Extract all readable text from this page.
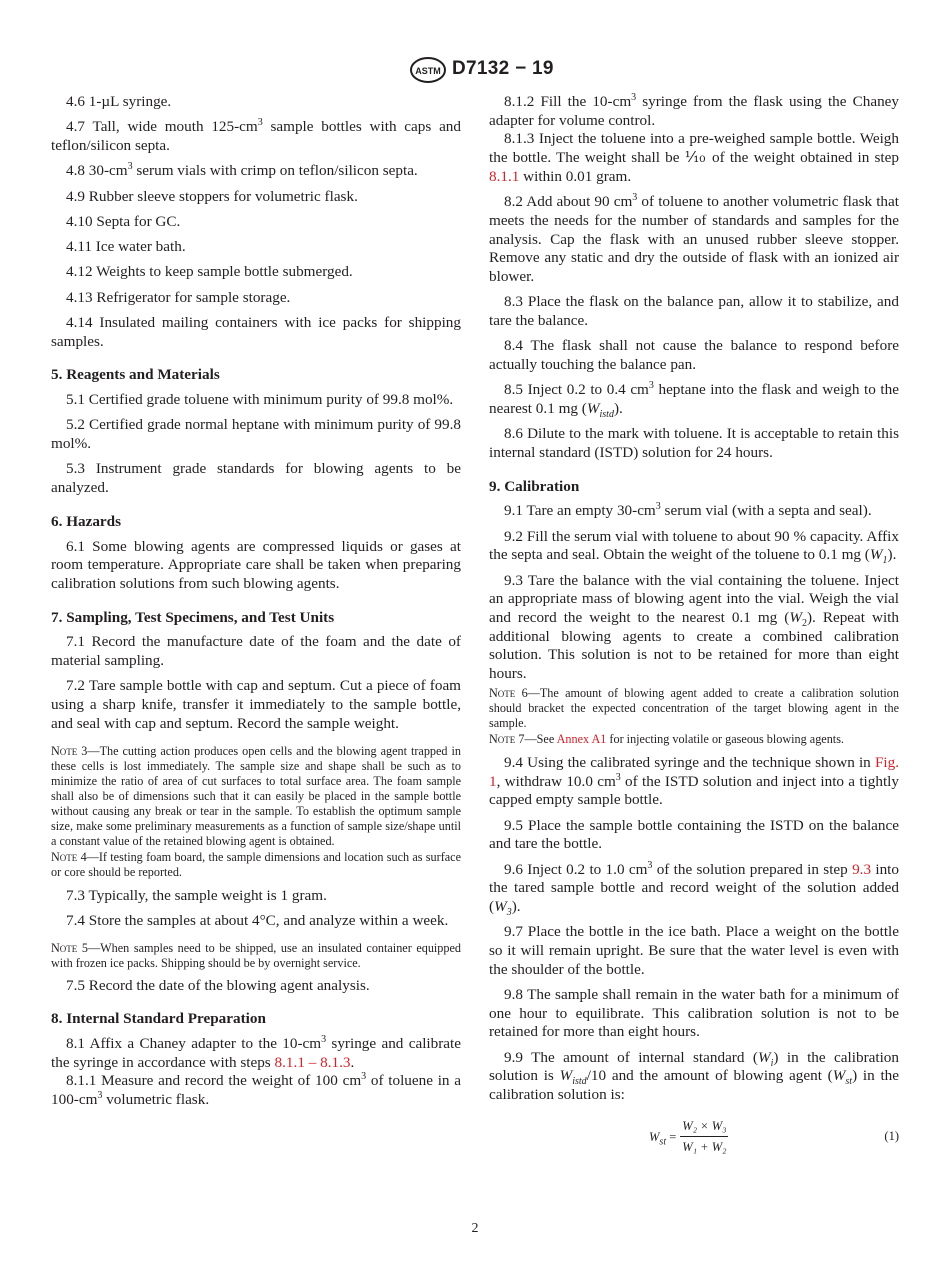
ASTM D7132 − 19

4.6 1-µL syringe.

4.7 Tall, wide mouth $125-cm^3$ sample bottles with caps and teflon/silicon septa.

4.8 $30-cm^3$ serum vials with crimp on teflon/silicon septa.

4.9 Rubber sleeve stoppers for volumetric flask.

4.10 Septa for GC.

4.11 Ice water bath.

4.12 Weights to keep sample bottle submerged.

4.13 Refrigerator for sample storage.

4.14 Insulated mailing containers with ice packs for shipping samples.

5. Reagents and Materials

5.1 Certified grade toluene with minimum purity of 99.8 mol%.

5.2 Certified grade normal heptane with minimum purity of 99.8 mol%.

5.3 Instrument grade standards for blowing agents to be analyzed.

6. Hazards

6.1 Some blowing agents are compressed liquids or gases at room temperature. Appropriate care shall be taken when preparing calibration solutions from such blowing agents.

7. Sampling, Test Specimens, and Test Units

7.1 Record the manufacture date of the foam and the date of material sampling.

7.2 Tare sample bottle with cap and septum. Cut a piece of foam using a sharp knife, transfer it immediately to the sample bottle, and seal with cap and septum. Record the sample weight.

Note 3—The cutting action produces open cells and the blowing agent trapped in these cells is lost immediately. The sample size and shape shall be such as to minimize the ratio of area of cut surfaces to total surface area. The foam sample shall also be of dimensions such that it can easily be placed in the sample bottle without causing any break or tear in the sample. To establish the optimum sample size, make some preliminary measurements as a function of sample size/shape until a constant value of the retained blowing agent is obtained.

Note 4—If testing foam board, the sample dimensions and location such as surface or core should be reported.

7.3 Typically, the sample weight is 1 gram.

7.4 Store the samples at about 4°C, and analyze within a week.

Note 5—When samples need to be shipped, use an insulated container equipped with frozen ice packs. Shipping should be by overnight service.

7.5 Record the date of the blowing agent analysis.

8. Internal Standard Preparation

8.1 Affix a Chaney adapter to the $10-cm^3$ syringe and calibrate the syringe in accordance with steps 8.1.1 – 8.1.3.

8.1.1 Measure and record the weight of 100 $cm^3$ of toluene in a $100-cm^3$ volumetric flask.

8.1.2 Fill the $10-cm^3$ syringe from the flask using the Chaney adapter for volume control.

8.1.3 Inject the toluene into a pre-weighed sample bottle. Weigh the bottle. The weight shall be ⅒ of the weight obtained in step 8.1.1 within 0.01 gram.

8.2 Add about 90 $cm^3$ of toluene to another volumetric flask that meets the needs for the number of standards and samples for the analysis. Cap the flask with an unused rubber sleeve stopper. Remove any static and dry the outside of flask with an ionized air blower.

8.3 Place the flask on the balance pan, allow it to stabilize, and tare the balance.

8.4 The flask shall not cause the balance to respond before actually touching the balance pan.

8.5 Inject 0.2 to 0.4 $cm^3$ heptane into the flask and weigh to the nearest 0.1 mg $(W_{istd})$.

8.6 Dilute to the mark with toluene. It is acceptable to retain this internal standard (ISTD) solution for 24 hours.

9. Calibration

9.1 Tare an empty $30-cm^3$ serum vial (with a septa and seal).

9.2 Fill the serum vial with toluene to about 90 % capacity. Affix the septa and seal. Obtain the weight of the toluene to 0.1 mg $(W_1)$.

9.3 Tare the balance with the vial containing the toluene. Inject an appropriate mass of blowing agent into the vial. Weigh the vial and record the weight to the nearest 0.1 mg $(W_2)$. Repeat with additional blowing agents to create a combined calibration solution. This solution is not to be retained for more than eight hours.

Note 6—The amount of blowing agent added to create a calibration solution should bracket the expected concentration of the target blowing agent in the sample.

Note 7—See Annex A1 for injecting volatile or gaseous blowing agents.

9.4 Using the calibrated syringe and the technique shown in Fig. 1, withdraw 10.0 $cm^3$ of the ISTD solution and inject into a tightly capped empty sample bottle.

9.5 Place the sample bottle containing the ISTD on the balance and tare the bottle.

9.6 Inject 0.2 to 1.0 $cm^3$ of the solution prepared in step 9.3 into the tared sample bottle and record weight of the solution added $(W_3)$.

9.7 Place the bottle in the ice bath. Place a weight on the bottle so it will remain upright. Be sure that the water level is even with the shoulder of the bottle.

9.8 The sample shall remain in the water bath for a minimum of one hour to equilibrate. This calibration solution is not to be retained for more than eight hours.

9.9 The amount of internal standard $(W_i)$ in the calibration solution is $W_{istd}/10$ and the amount of blowing agent $(W_{st})$ in the calibration solution is:

$W_{st} = \frac{\text{W₂ × W₃}}{\text{W₁ + W₂}}$	(1)
2
